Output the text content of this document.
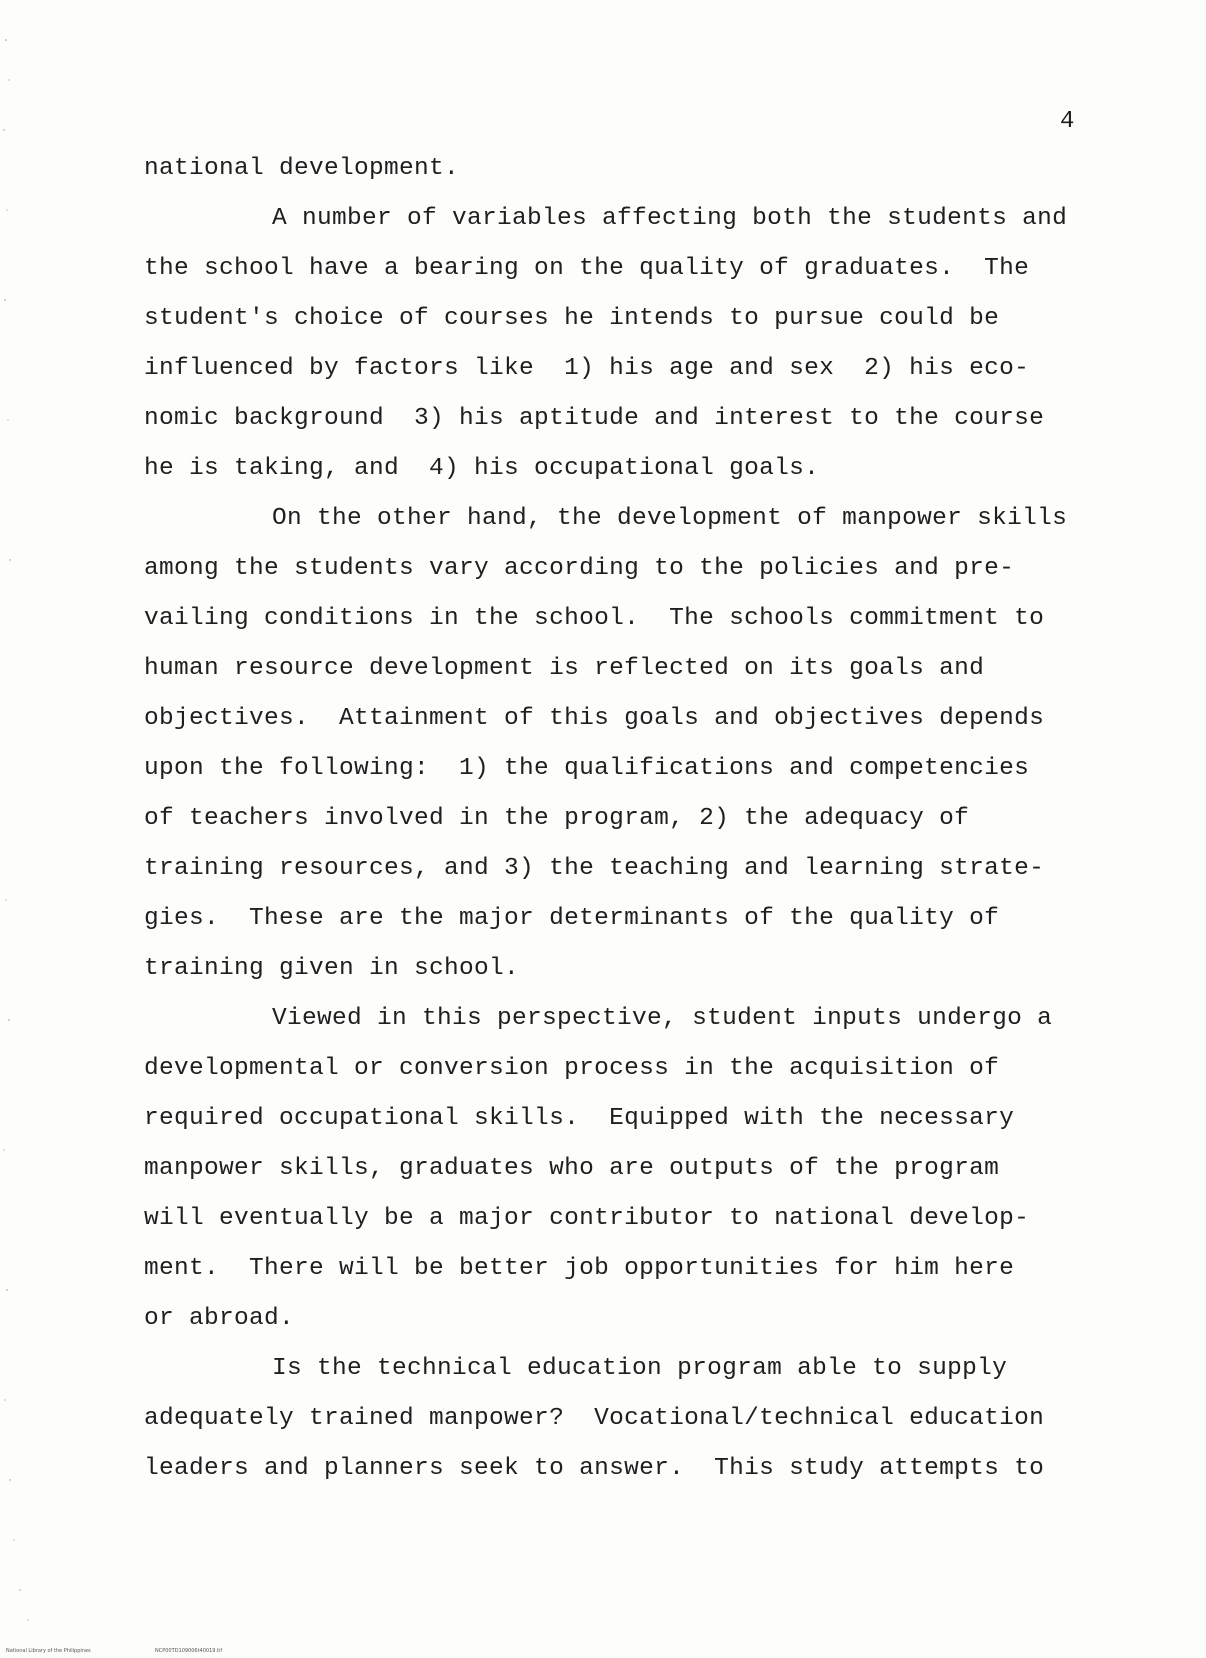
4
national development.
A number of variables affecting both the students and
the school have a bearing on the quality of graduates.  The
student's choice of courses he intends to pursue could be
influenced by factors like  1) his age and sex  2) his eco-
nomic background  3) his aptitude and interest to the course
he is taking, and  4) his occupational goals.
On the other hand, the development of manpower skills
among the students vary according to the policies and pre-
vailing conditions in the school.  The schools commitment to
human resource development is reflected on its goals and
objectives.  Attainment of this goals and objectives depends
upon the following:  1) the qualifications and competencies
of teachers involved in the program, 2) the adequacy of
training resources, and 3) the teaching and learning strate-
gies.  These are the major determinants of the quality of
training given in school.
Viewed in this perspective, student inputs undergo a
developmental or conversion process in the acquisition of
required occupational skills.  Equipped with the necessary
manpower skills, graduates who are outputs of the program
will eventually be a major contributor to national develop-
ment.  There will be better job opportunities for him here
or abroad.
Is the technical education program able to supply
adequately trained manpower?  Vocational/technical education
leaders and planners seek to answer.  This study attempts to
National Library of the Philippines	NCP00TD109006t40019.tif
